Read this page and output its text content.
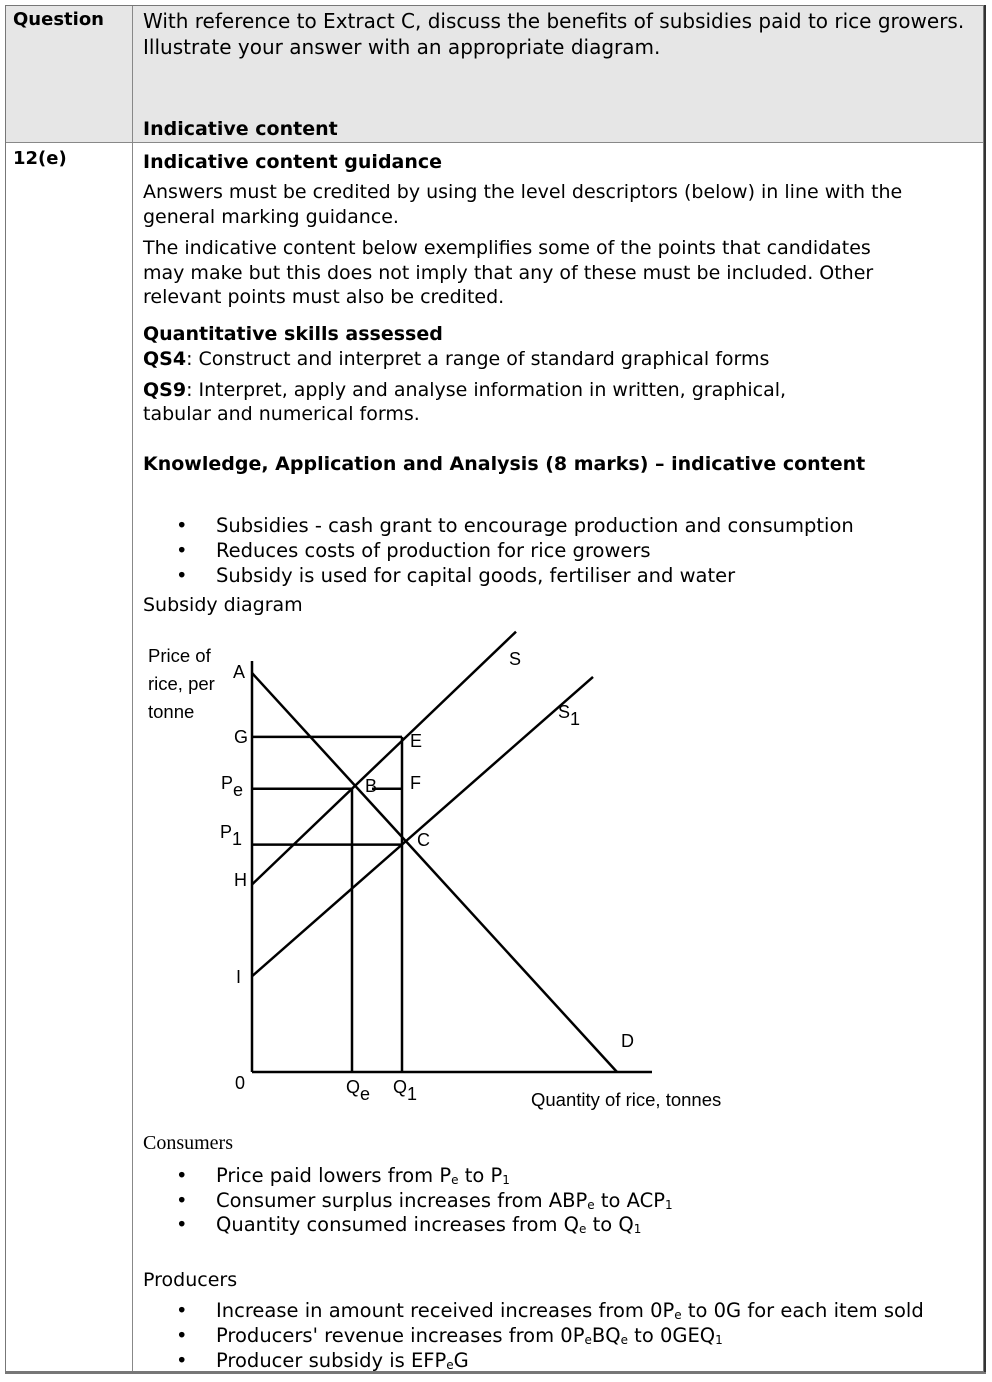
Question With reference to Extract C, discuss the benefits of subsidies paid to rice growers.
Illustrate your answer with an appropriate diagram.
Indicative content
12(e)	Indicative content guidance
Answers must be credited by using the level descriptors (below) in line with the
general marking guidance.
The indicative content below exemplifies some of the points that candidates
may make but this does not imply that any of these must be included. Other
relevant points must also be credited.
Quantitative skills assessed
QS4: Construct and interpret a range of standard graphical forms
QS9: Interpret, apply and analyse information in written, graphical,
tabular and numerical forms.
Knowledge, Application and Analysis (8 marks) – indicative content
• Subsidies - cash grant to encourage production and consumption
• Reduces costs of production for rice growers
• Subsidy is used for capital goods, fertiliser and water
Subsidy diagram
Price of
rice, per
tonne
A
G
Pe
P1
H
I
0	Qe Q1	Quantity of rice, tonnes
B
E
F
C
D
S
S1
Consumers
• Price paid lowers from $P_e$ to $P_1$
• Consumer surplus increases from $ABP_e$ to $ACP_1$
• Quantity consumed increases from $Q_e$ to $Q_1$
Producers
• Increase in amount received increases from $0P_e$ to 0G for each item sold
• Producers' revenue increases from $0P_eBQ_e$ to $0GEQ_1$
• Producer subsidy is $EFP_eG$
